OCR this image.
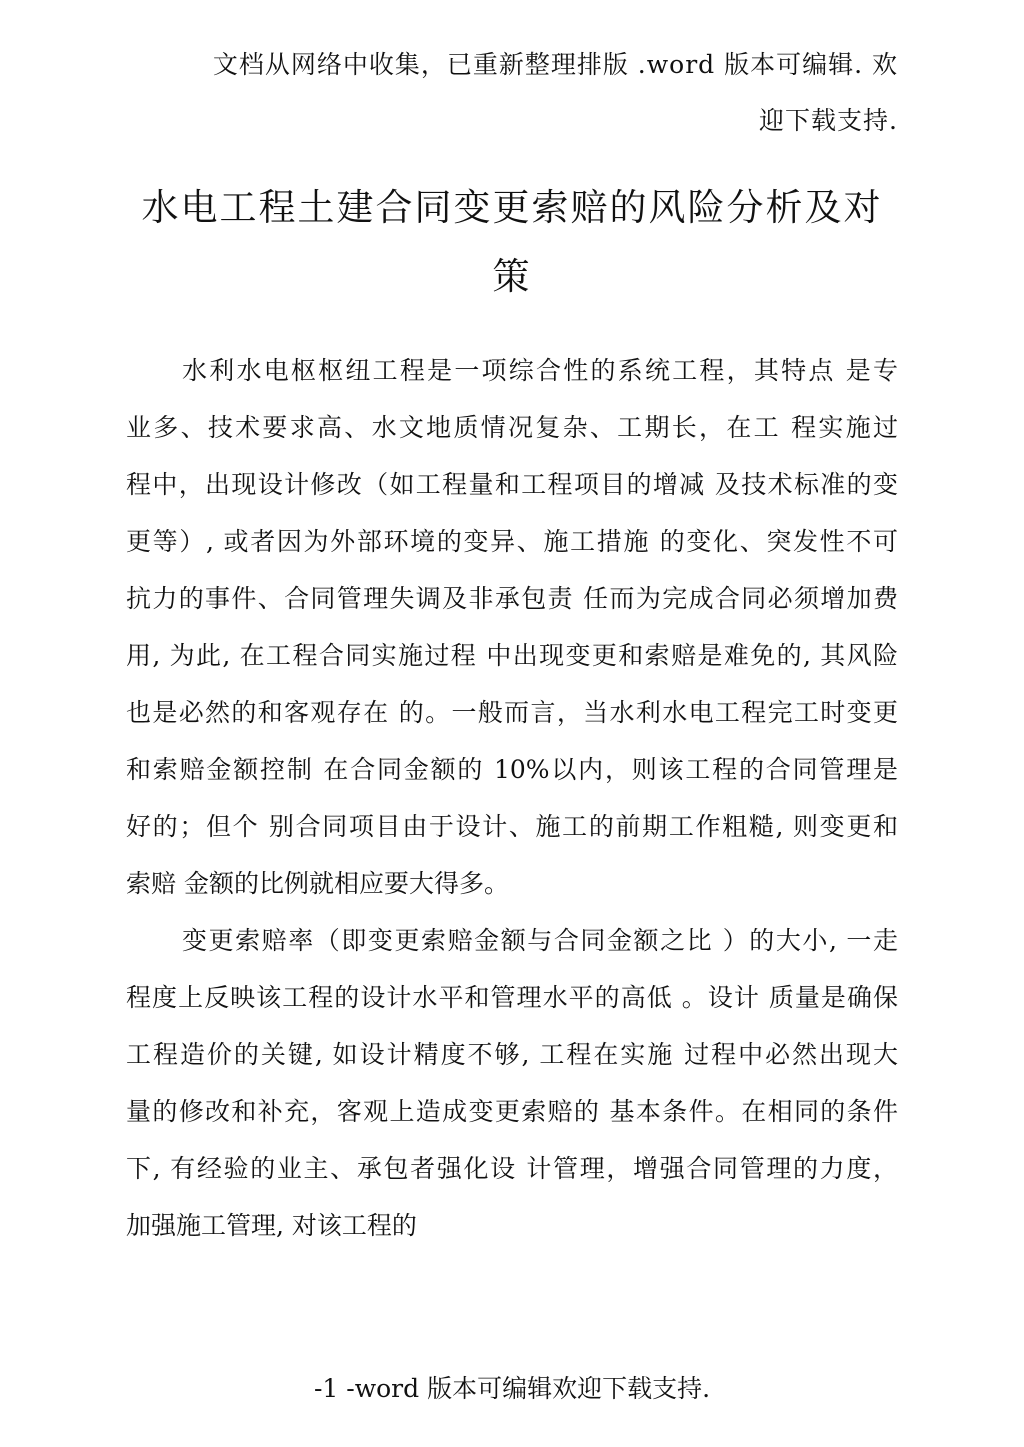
文档从网络中收集，已重新整理排版 .word 版本可编辑. 欢
迎下载支持.
水电工程土建合同变更索赔的风险分析及对
策
水利水电枢枢纽工程是一项综合性的系统工程，其特点 是专
业多、技术要求高、水文地质情况复杂、工期长，在工 程实施过
程中，出现设计修改（如工程量和工程项目的增减 及技术标准的变
更等）, 或者因为外部环境的变异、施工措施 的变化、突发性不可
抗力的事件、合同管理失调及非承包责 任而为完成合同必须增加费
用, 为此, 在工程合同实施过程 中出现变更和索赔是难免的, 其风险
也是必然的和客观存在 的。一般而言，当水利水电工程完工时变更
和索赔金额控制 在合同金额的 10%以内，则该工程的合同管理是
好的；但个 别合同项目由于设计、施工的前期工作粗糙, 则变更和
索赔 金额的比例就相应要大得多。
变更索赔率（即变更索赔金额与合同金额之比 ）的大小, 一走
程度上反映该工程的设计水平和管理水平的高低 。设计 质量是确保
工程造价的关键, 如设计精度不够, 工程在实施 过程中必然出现大
量的修改和补充，客观上造成变更索赔的 基本条件。在相同的条件
下, 有经验的业主、承包者强化设 计管理，增强合同管理的力度，
加强施工管理, 对该工程的
-1 -word 版本可编辑欢迎下载支持.
